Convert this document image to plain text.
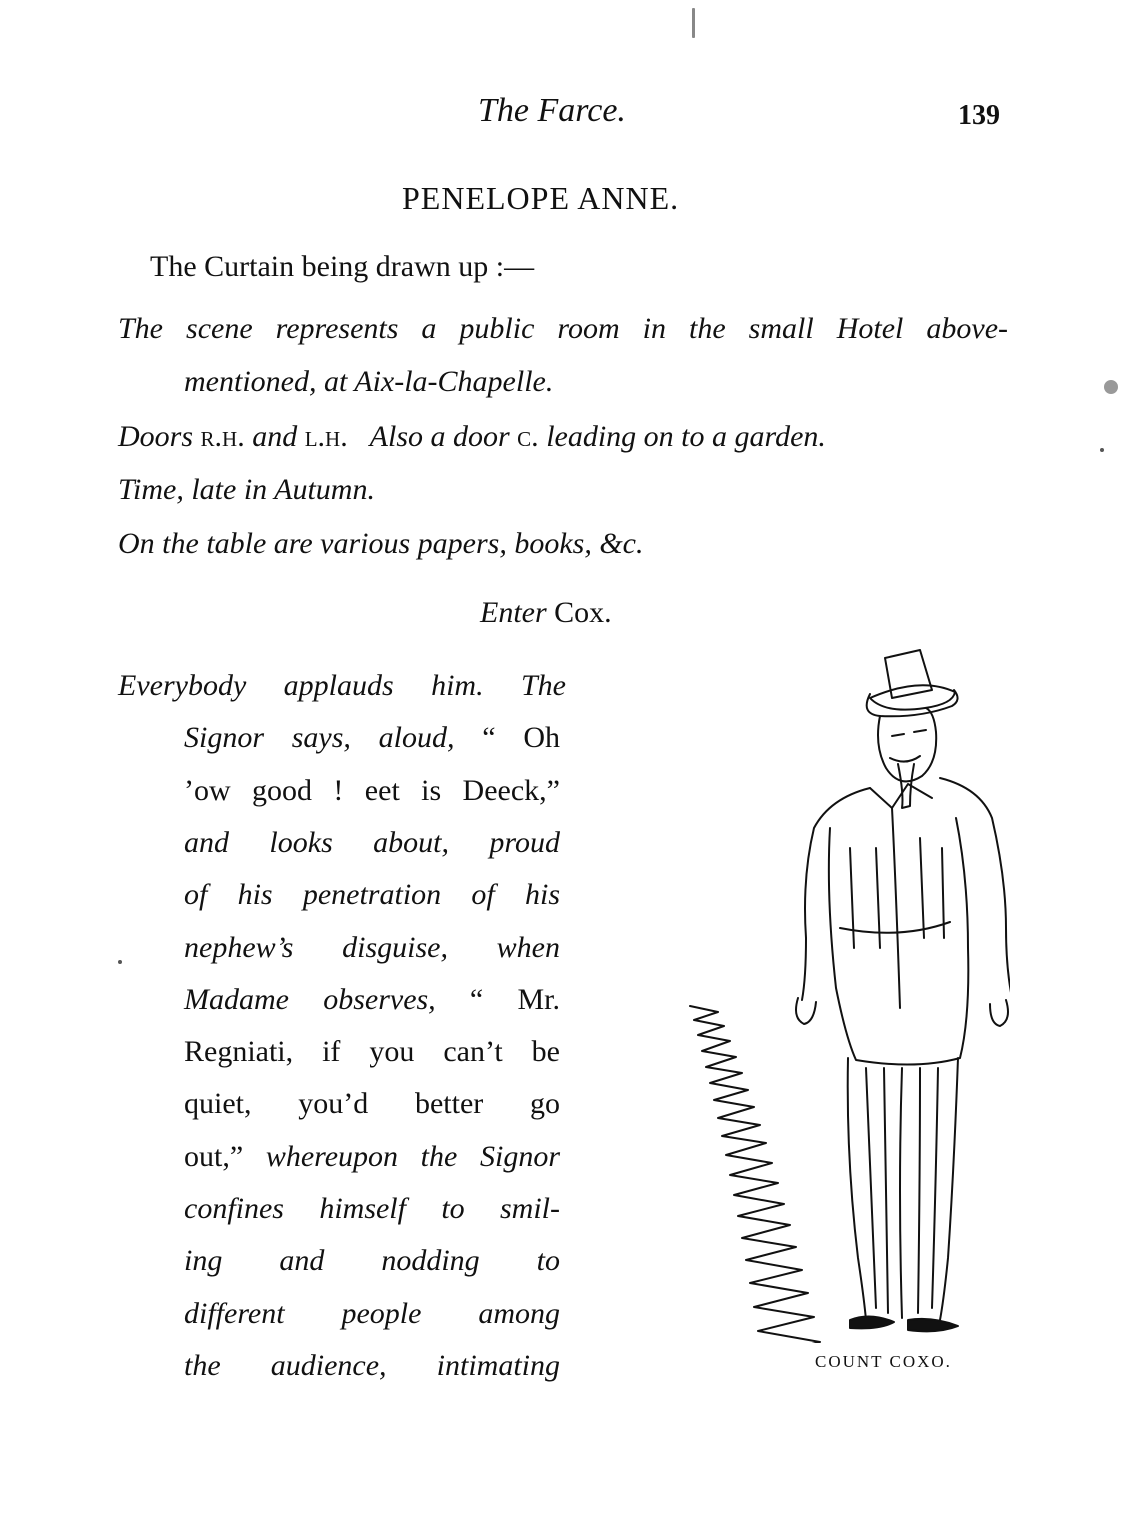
The Farce.	139
PENELOPE ANNE.
The Curtain being drawn up :—
The scene represents a public room in the small Hotel above-
mentioned, at Aix-la-Chapelle.
Doors r.h. and l.h.   Also a door c. leading on to a garden.
Time, late in Autumn.
On the table are various papers, books, &c.
Enter Cox.
Everybody applauds him. The
Signor says, aloud, “ Oh
’ow good ! eet is Deeck,”
and looks about, proud
of his penetration of his
nephew’s disguise, when
Madame observes, “ Mr.
Regniati, if you can’t be
quiet, you’d better go
out,” whereupon the Signor
confines himself to smil-
ing and nodding to
different people among
the audience, intimating	COUNT COXO.
